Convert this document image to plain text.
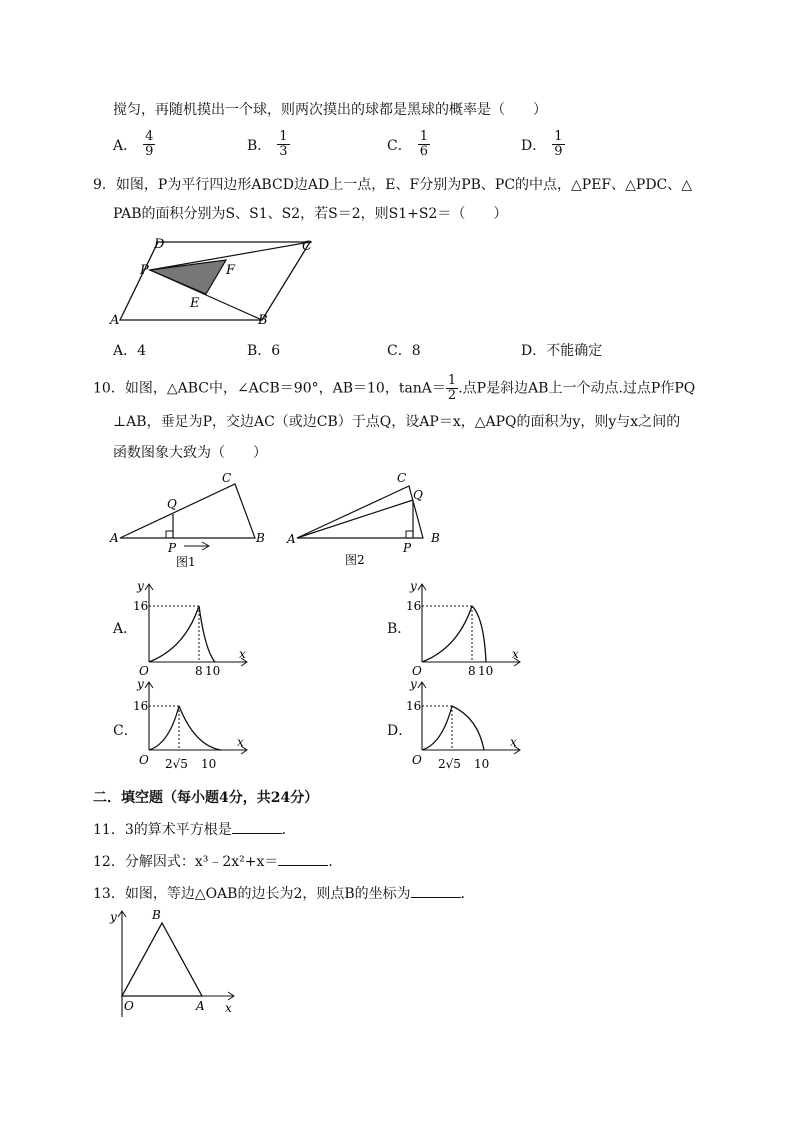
搅匀，再随机摸出一个球，则两次摸出的球都是黑球的概率是（　　）
A． $\frac{4}{9}$	B． $\frac{1}{3}$	C． $\frac{1}{6}$	D． $\frac{1}{9}$
9．如图，P为平行四边形ABCD边AD上一点，E、F分别为PB、PC的中点，△PEF、△PDC、△
PAB的面积分别为S、S1、S2，若S＝2，则S1+S2＝（　　）
A	B
C
D
P
E
F
A．4	B．6	C．8	D．不能确定
10．如图，△ABC中，∠ACB＝90°，AB＝10，$\tan A= \frac{1}{2}$ .点P是斜边AB上一个动点.过点P作PQ
⊥AB，垂足为P，交边AC（或边CB）于点Q，设AP＝x，△APQ的面积为y，则y与x之间的
函数图象大致为（　　）
A	B
C
P
Q
图1
A	B
C
P
Q
图2
A．
16
8 10
O
x
y
B．
16
8 10
O
x
y
C．
16
2√5 10
O
x
y
D．
16
2√5 10
O
x
y
二．填空题（每小题4分，共24分）
11．3的算术平方根是	．
12．分解因式：x³﹣2x²+x＝	．
13．如图，等边△OAB的边长为2，则点B的坐标为	．
y	B
O	A x
